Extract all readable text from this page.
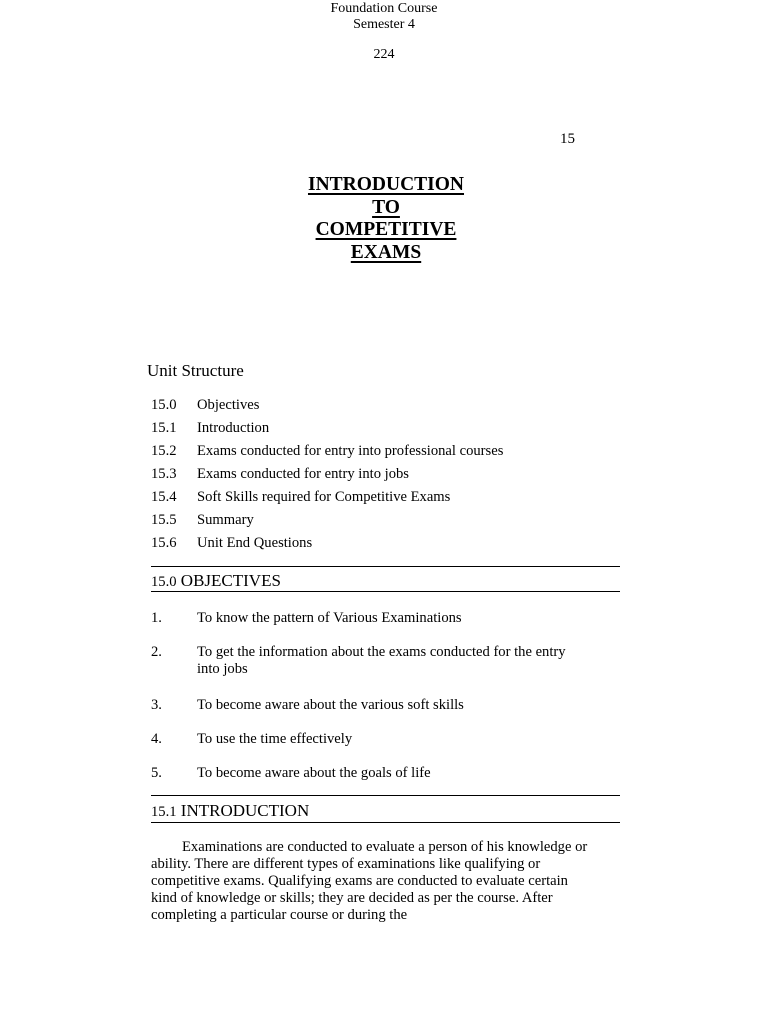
Foundation Course
Semester 4
224
15
INTRODUCTION
TO
COMPETITIVE
EXAMS
Unit Structure
15.0 Objectives
15.1 Introduction
15.2 Exams conducted for entry into professional courses
15.3 Exams conducted for entry into jobs
15.4 Soft Skills required for Competitive Exams
15.5 Summary
15.6 Unit End Questions
15.0 OBJECTIVES
1. To know the pattern of Various Examinations
2. To get the information about the exams conducted for the entry into jobs
3. To become aware about the various soft skills
4. To use the time effectively
5. To become aware about the goals of life
15.1 INTRODUCTION

Examinations are conducted to evaluate a person of his knowledge or ability. There are different types of examinations like qualifying or competitive exams. Qualifying exams are conducted to evaluate certain kind of knowledge or skills; they are decided as per the course. After completing a particular course or during the
